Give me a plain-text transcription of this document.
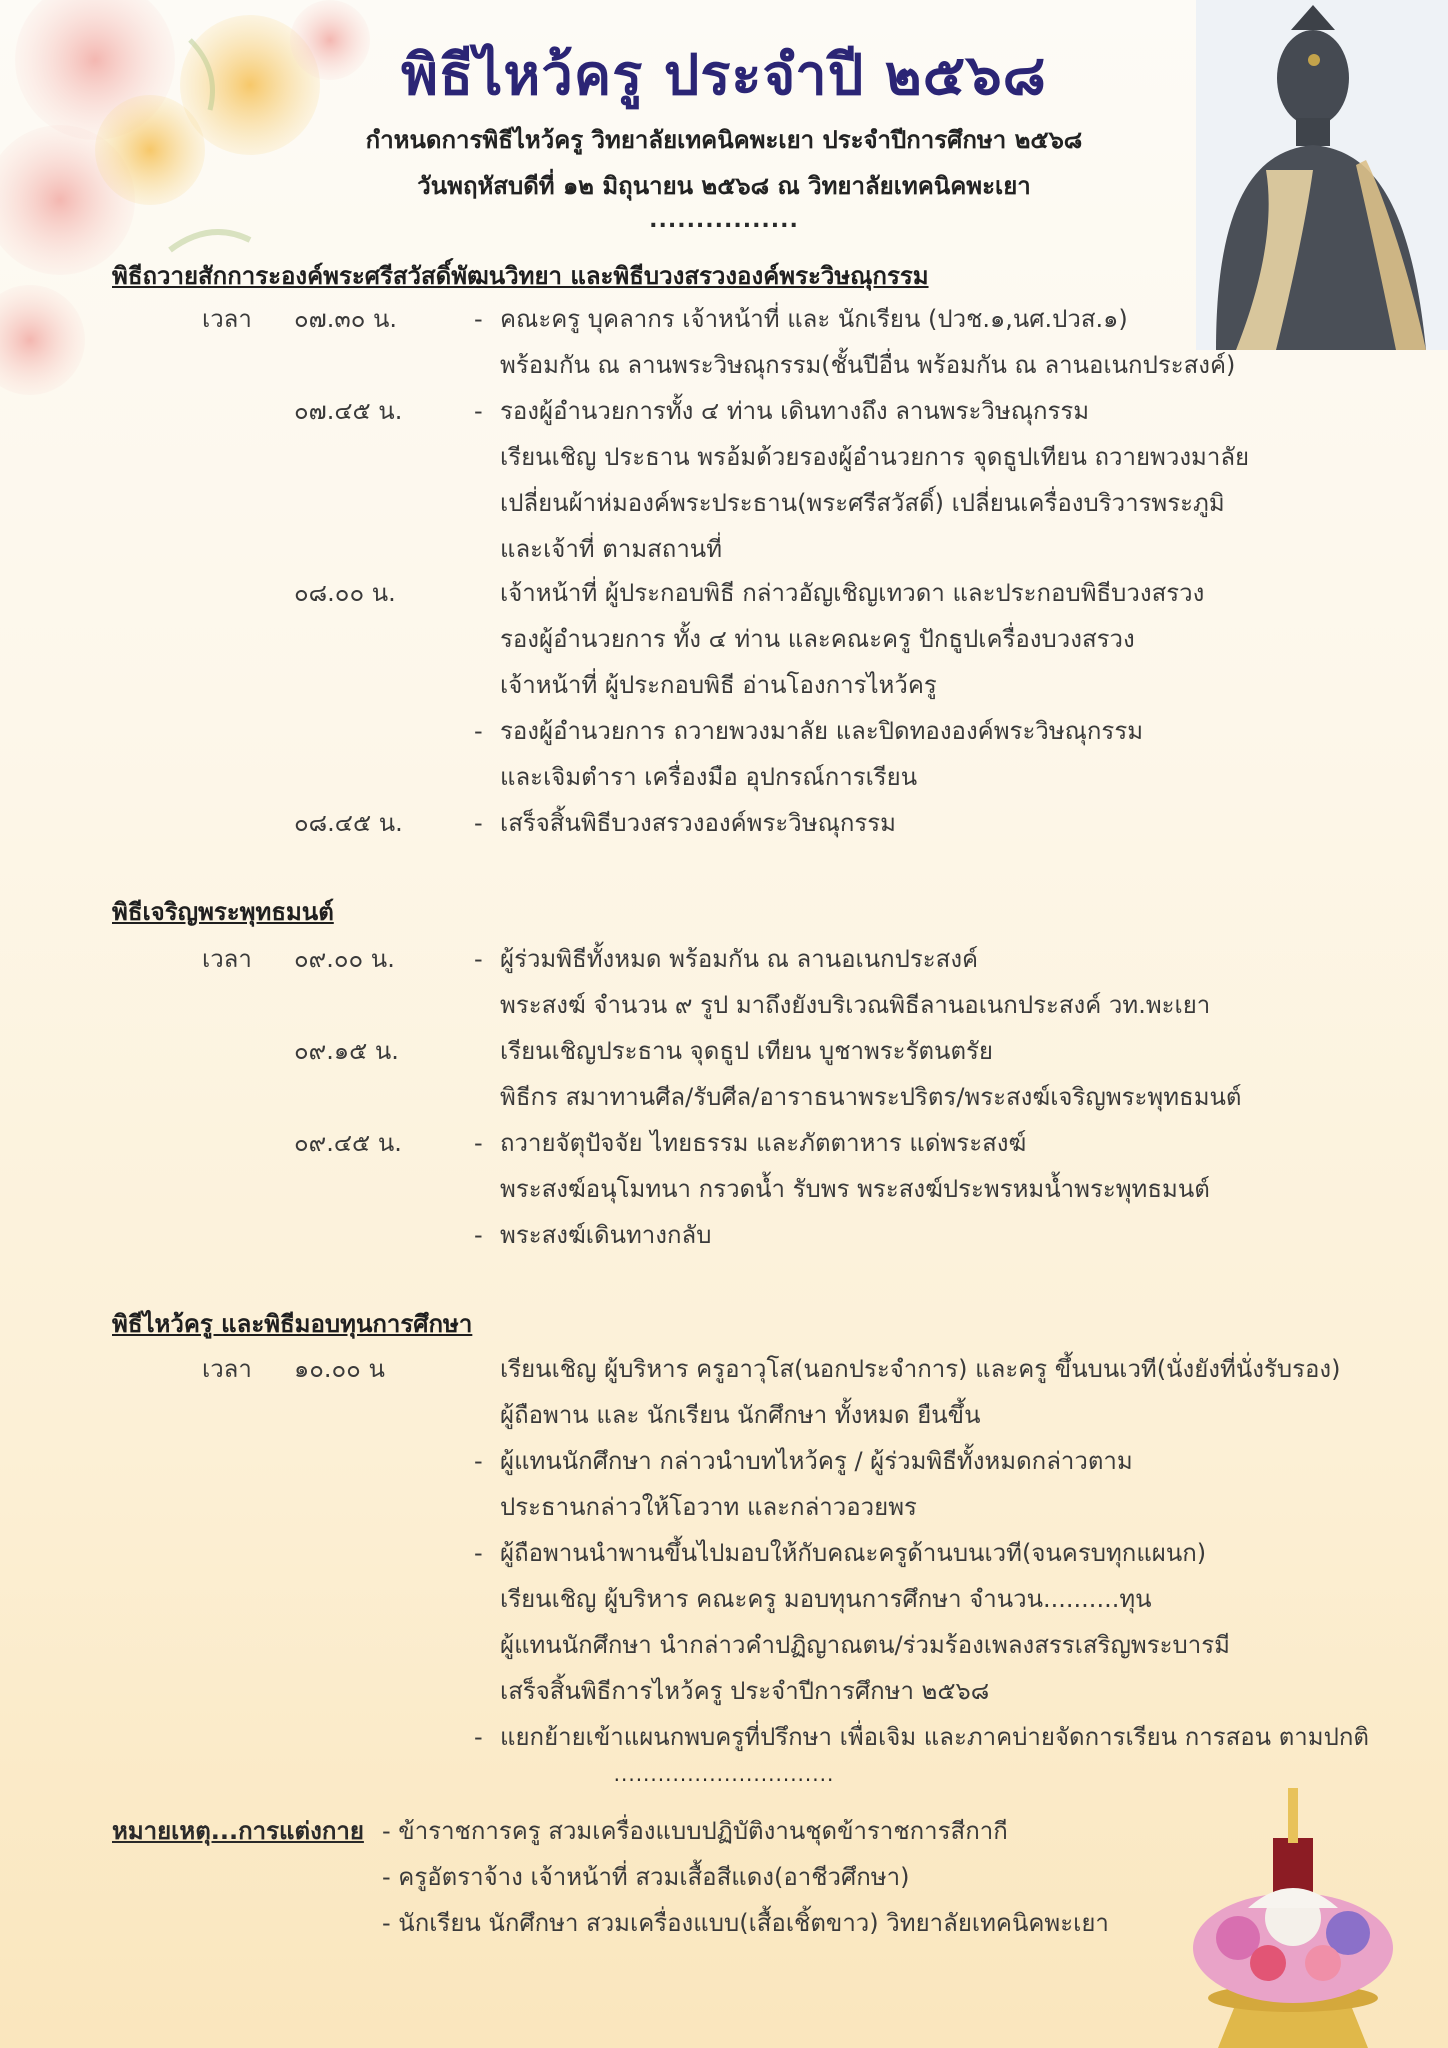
พิธีไหว้ครู ประจำปี ๒๕๖๘
กำหนดการพิธีไหว้ครู วิทยาลัยเทคนิคพะเยา ประจำปีการศึกษา ๒๕๖๘
วันพฤหัสบดีที่ ๑๒ มิถุนายน ๒๕๖๘ ณ วิทยาลัยเทคนิคพะเยา
................
พิธีถวายสักการะองค์พระศรีสวัสดิ์พัฒนวิทยา และพิธีบวงสรวงองค์พระวิษณุกรรม
เวลา ๐๗.๓๐ น.	- คณะครู บุคลากร เจ้าหน้าที่ และ นักเรียน (ปวช.๑,นศ.ปวส.๑)
พร้อมกัน ณ ลานพระวิษณุกรรม(ชั้นปีอื่น พร้อมกัน ณ ลานอเนกประสงค์)
๐๗.๔๕ น.	- รองผู้อำนวยการทั้ง ๔ ท่าน เดินทางถึง ลานพระวิษณุกรรม
เรียนเชิญ ประธาน พรอ้มด้วยรองผู้อำนวยการ จุดธูปเทียน ถวายพวงมาลัย
เปลี่ยนผ้าห่มองค์พระประธาน(พระศรีสวัสดิ์) เปลี่ยนเครื่องบริวารพระภูมิ
และเจ้าที่ ตามสถานที่
๐๘.๐๐ น.	เจ้าหน้าที่ ผู้ประกอบพิธี กล่าวอัญเชิญเทวดา และประกอบพิธีบวงสรวง
รองผู้อำนวยการ ทั้ง ๔ ท่าน และคณะครู ปักธูปเครื่องบวงสรวง
เจ้าหน้าที่ ผู้ประกอบพิธี อ่านโองการไหว้ครู
- รองผู้อำนวยการ ถวายพวงมาลัย และปิดทององค์พระวิษณุกรรม
และเจิมตำรา เครื่องมือ อุปกรณ์การเรียน
๐๘.๔๕ น.	- เสร็จสิ้นพิธีบวงสรวงองค์พระวิษณุกรรม
พิธีเจริญพระพุทธมนต์
เวลา ๐๙.๐๐ น.	- ผู้ร่วมพิธีทั้งหมด พร้อมกัน ณ ลานอเนกประสงค์
พระสงฆ์ จำนวน ๙ รูป มาถึงยังบริเวณพิธีลานอเนกประสงค์ วท.พะเยา
๐๙.๑๕ น.	เรียนเชิญประธาน จุดธูป เทียน บูชาพระรัตนตรัย
พิธีกร สมาทานศีล/รับศีล/อาราธนาพระปริตร/พระสงฆ์เจริญพระพุทธมนต์
๐๙.๔๕ น.	- ถวายจัตุปัจจัย ไทยธรรม และภัตตาหาร แด่พระสงฆ์
พระสงฆ์อนุโมทนา กรวดน้ำ รับพร พระสงฆ์ประพรหมน้ำพระพุทธมนต์
- พระสงฆ์เดินทางกลับ
พิธีไหว้ครู และพิธีมอบทุนการศึกษา
เวลา ๑๐.๐๐ น	เรียนเชิญ ผู้บริหาร ครูอาวุโส(นอกประจำการ) และครู ขึ้นบนเวที(นั่งยังที่นั่งรับรอง)
ผู้ถือพาน และ นักเรียน นักศึกษา ทั้งหมด ยืนขึ้น
- ผู้แทนนักศึกษา กล่าวนำบทไหว้ครู / ผู้ร่วมพิธีทั้งหมดกล่าวตาม
ประธานกล่าวให้โอวาท และกล่าวอวยพร
- ผู้ถือพานนำพานขึ้นไปมอบให้กับคณะครูด้านบนเวที(จนครบทุกแผนก)
เรียนเชิญ ผู้บริหาร คณะครู มอบทุนการศึกษา จำนวน..........ทุน
ผู้แทนนักศึกษา นำกล่าวคำปฏิญาณตน/ร่วมร้องเพลงสรรเสริญพระบารมี
เสร็จสิ้นพิธีการไหว้ครู ประจำปีการศึกษา ๒๕๖๘
- แยกย้ายเข้าแผนกพบครูที่ปรึกษา เพื่อเจิม และภาคบ่ายจัดการเรียน การสอน ตามปกติ
..............................
หมายเหตุ...การแต่งกาย - ข้าราชการครู สวมเครื่องแบบปฏิบัติงานชุดข้าราชการสีกากี
- ครูอัตราจ้าง เจ้าหน้าที่ สวมเสื้อสีแดง(อาชีวศึกษา)
- นักเรียน นักศึกษา สวมเครื่องแบบ(เสื้อเชิ้ตขาว) วิทยาลัยเทคนิคพะเยา
